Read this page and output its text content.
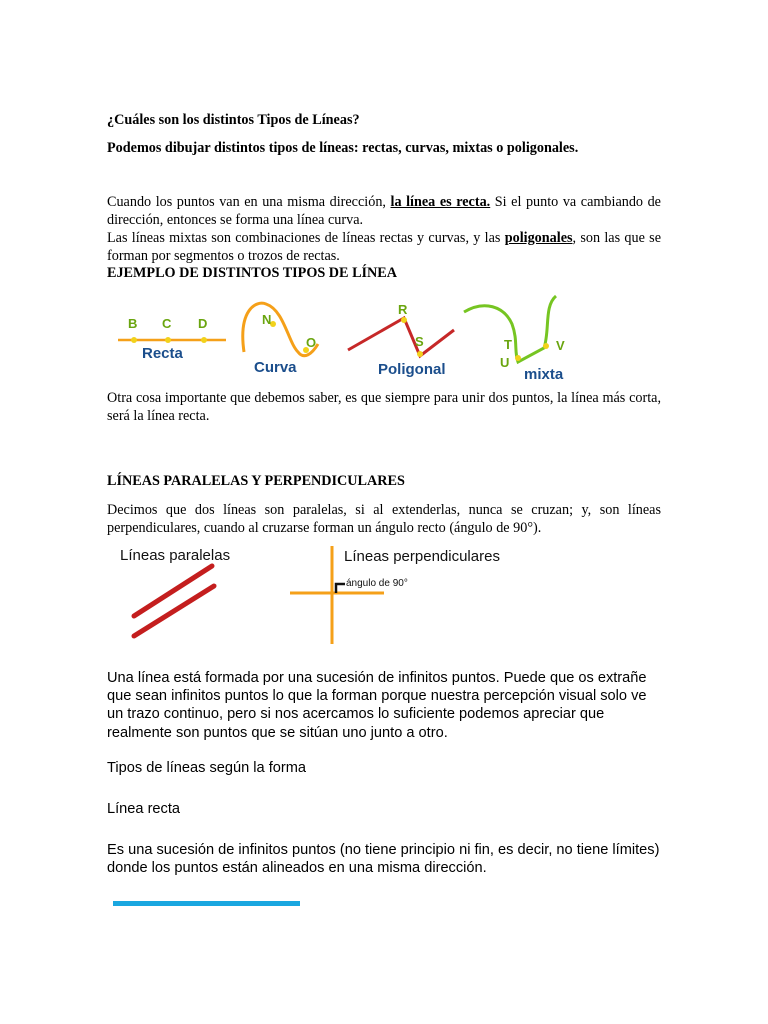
¿Cuáles son los distintos Tipos de Líneas?

Podemos dibujar distintos tipos de líneas: rectas, curvas, mixtas o poligonales.

Cuando los puntos van en una misma dirección, la línea es recta. Si el punto va cambiando de dirección, entonces se forma una línea curva.

Las líneas mixtas son combinaciones de líneas rectas y curvas, y las poligonales, son las que se forman por segmentos o trozos de rectas.

EJEMPLO DE DISTINTOS TIPOS DE LÍNEA

B C D
Recta
N
O
Curva
R
S
Poligonal
T
U
V
mixta

Otra cosa importante que debemos saber, es que siempre para unir dos puntos, la línea más corta, será la línea recta.

LÍNEAS PARALELAS Y PERPENDICULARES

Decimos que dos líneas son paralelas, si al extenderlas, nunca se cruzan; y, son líneas perpendiculares, cuando al cruzarse forman un ángulo recto (ángulo de 90°).

Líneas paralelas	Líneas perpendiculares
ángulo de 90°

Una línea está formada por una sucesión de infinitos puntos. Puede que os extrañe que sean infinitos puntos lo que la forman porque nuestra percepción visual solo ve un trazo continuo, pero si nos acercamos lo suficiente podemos apreciar que realmente son puntos que se sitúan uno junto a otro.

Tipos de líneas según la forma

Línea recta

Es una sucesión de infinitos puntos (no tiene principio ni fin, es decir, no tiene límites) donde los puntos están alineados en una misma dirección.
